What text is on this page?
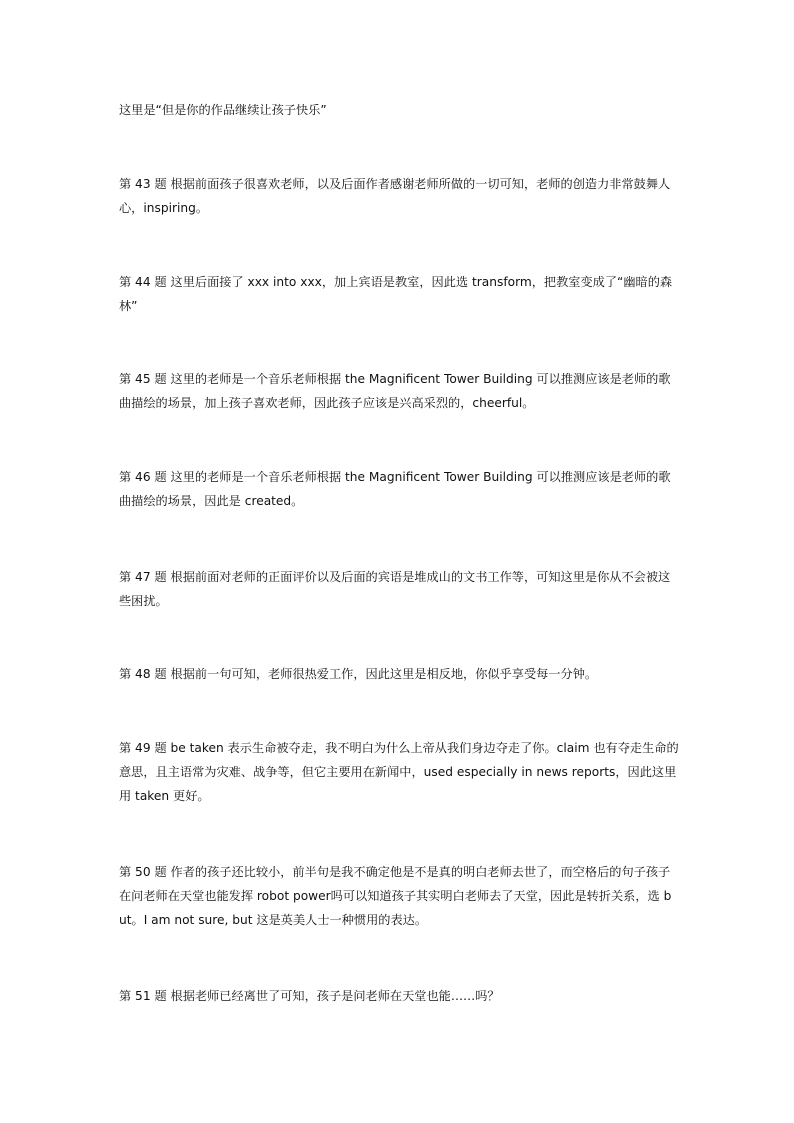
这里是“但是你的作品继续让孩子快乐”
第 43 题 根据前面孩子很喜欢老师，以及后面作者感谢老师所做的一切可知，老师的创造力非常鼓舞人心，inspiring。
第 44 题 这里后面接了 xxx into xxx，加上宾语是教室，因此选 transform，把教室变成了“幽暗的森林”
第 45 题 这里的老师是一个音乐老师根据 the Magnificent Tower Building 可以推测应该是老师的歌曲描绘的场景，加上孩子喜欢老师，因此孩子应该是兴高采烈的，cheerful。
第 46 题 这里的老师是一个音乐老师根据 the Magnificent Tower Building 可以推测应该是老师的歌曲描绘的场景，因此是 created。
第 47 题 根据前面对老师的正面评价以及后面的宾语是堆成山的文书工作等，可知这里是你从不会被这些困扰。
第 48 题 根据前一句可知，老师很热爱工作，因此这里是相反地，你似乎享受每一分钟。
第 49 题 be taken 表示生命被夺走，我不明白为什么上帝从我们身边夺走了你。claim 也有夺走生命的意思，且主语常为灾难、战争等，但它主要用在新闻中，used especially in news reports，因此这里用 taken 更好。
第 50 题 作者的孩子还比较小，前半句是我不确定他是不是真的明白老师去世了，而空格后的句子孩子在问老师在天堂也能发挥 robot power吗可以知道孩子其实明白老师去了天堂，因此是转折关系，选 but。I am not sure, but 这是英美人士一种惯用的表达。
第 51 题 根据老师已经离世了可知，孩子是问老师在天堂也能……吗？
